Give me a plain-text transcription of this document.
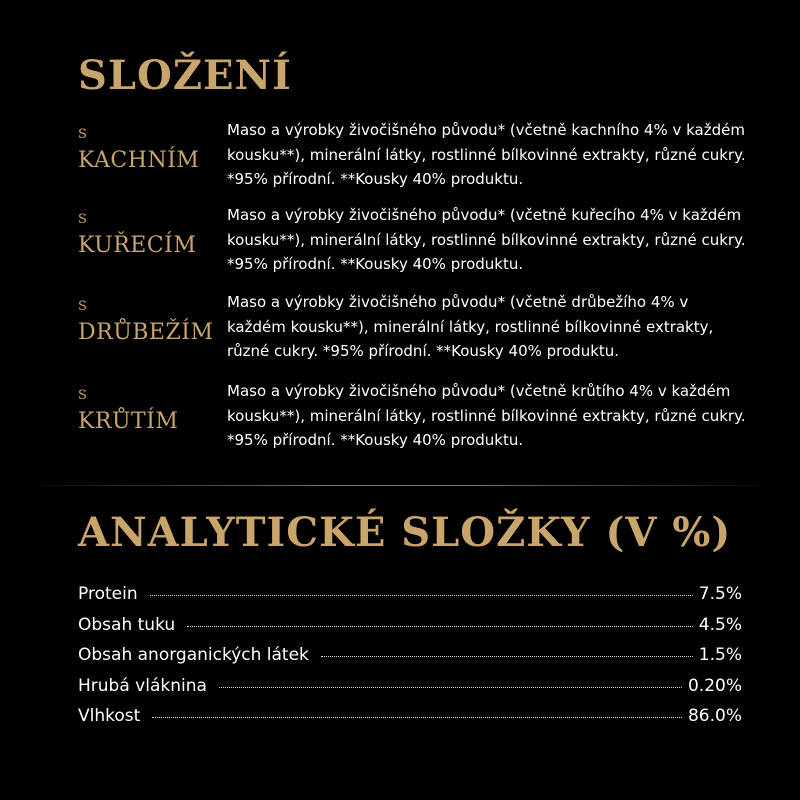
SLOŽENÍ
S
KACHNÍM

Maso a výrobky živočišného původu* (včetně kachního 4% v každém kousku**), minerální látky, rostlinné bílkovinné extrakty, různé cukry. *95% přírodní. **Kousky 40% produktu.

S
KUŘECÍM

Maso a výrobky živočišného původu* (včetně kuřecího 4% v každém kousku**), minerální látky, rostlinné bílkovinné extrakty, různé cukry. *95% přírodní. **Kousky 40% produktu.

S
DRŮBEŽÍM

Maso a výrobky živočišného původu* (včetně drůbežího 4% v každém kousku**), minerální látky, rostlinné bílkovinné extrakty, různé cukry. *95% přírodní. **Kousky 40% produktu.

S
KRŮTÍM

Maso a výrobky živočišného původu* (včetně krůtího 4% v každém kousku**), minerální látky, rostlinné bílkovinné extrakty, různé cukry. *95% přírodní. **Kousky 40% produktu.

ANALYTICKÉ SLOŽKY (V %)
Protein	7.5%
Obsah tuku	4.5%
Obsah anorganických látek	1.5%
Hrubá vláknina	0.20%
Vlhkost	86.0%
